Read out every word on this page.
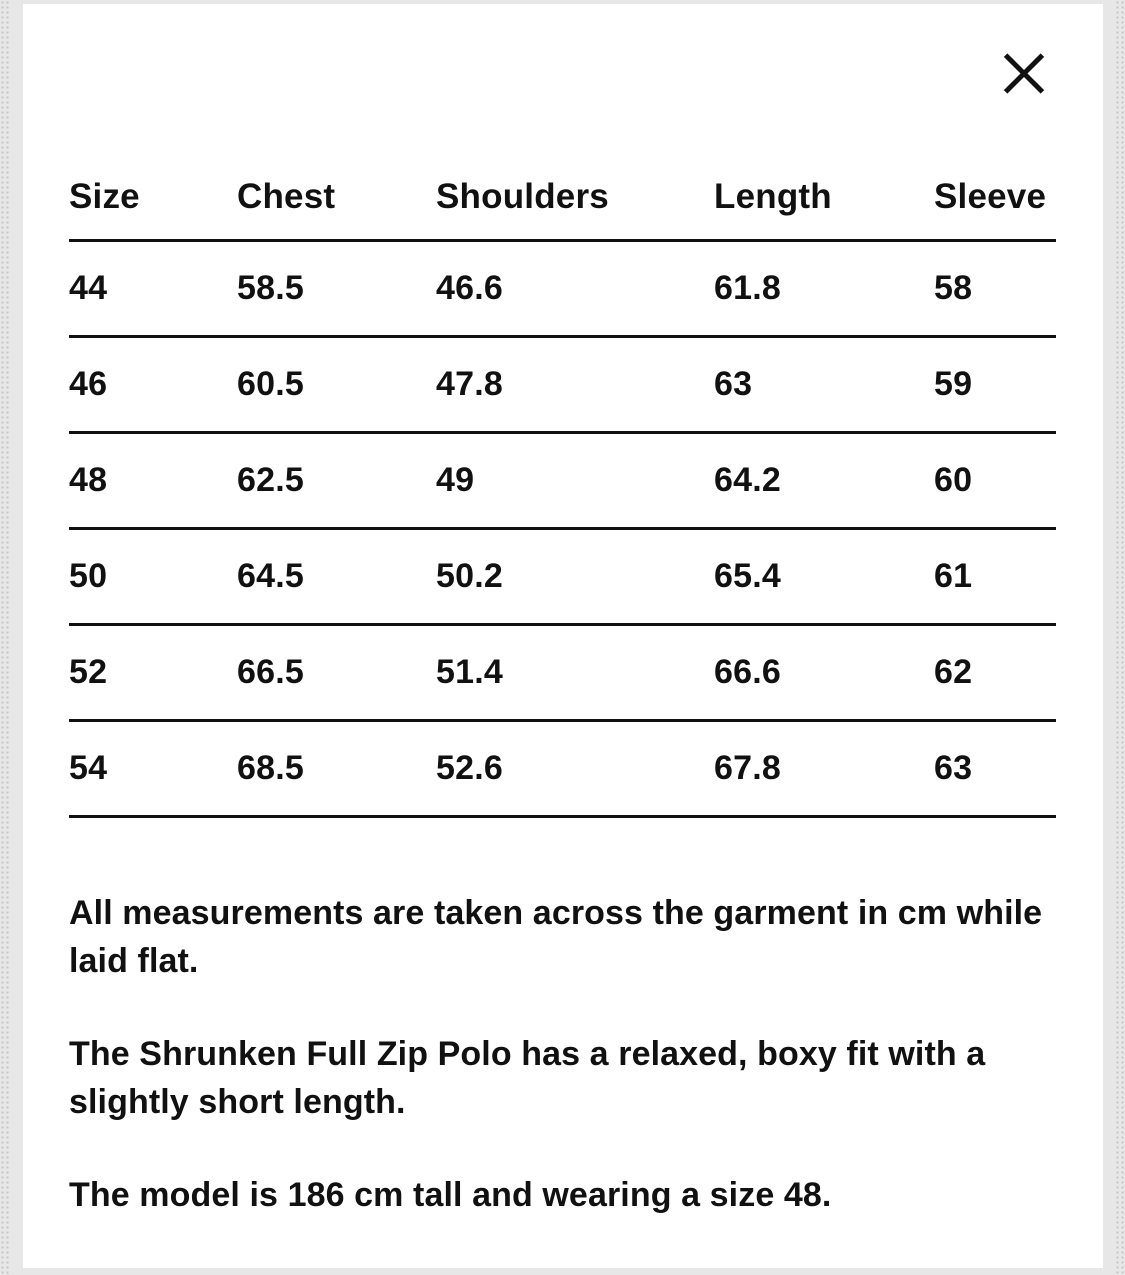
Size	Chest	Shoulders	Length	Sleeve
44	58.5	46.6	61.8	58
46	60.5	47.8	63	59
48	62.5	49	64.2	60
50	64.5	50.2	65.4	61
52	66.5	51.4	66.6	62
54	68.5	52.6	67.8	63

All measurements are taken across the garment in cm while laid flat.

The Shrunken Full Zip Polo has a relaxed, boxy fit with a slightly short length.

The model is 186 cm tall and wearing a size 48.
